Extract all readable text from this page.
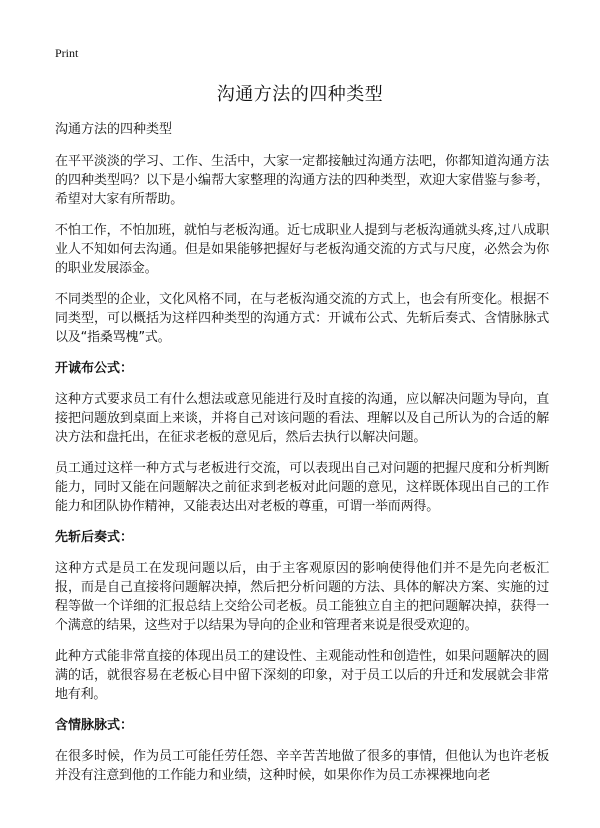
Print
沟通方法的四种类型

沟通方法的四种类型

在平平淡淡的学习、工作、生活中，大家一定都接触过沟通方法吧，你都知道沟通方法的四种类型吗？以下是小编帮大家整理的沟通方法的四种类型，欢迎大家借鉴与参考，希望对大家有所帮助。

不怕工作，不怕加班，就怕与老板沟通。近七成职业人提到与老板沟通就头疼,过八成职业人不知如何去沟通。但是如果能够把握好与老板沟通交流的方式与尺度，必然会为你的职业发展添金。

不同类型的企业，文化风格不同，在与老板沟通交流的方式上，也会有所变化。根据不同类型，可以概括为这样四种类型的沟通方式：开诚布公式、先斩后奏式、含情脉脉式以及“指桑骂槐”式。

开诚布公式：

这种方式要求员工有什么想法或意见能进行及时直接的沟通，应以解决问题为导向，直接把问题放到桌面上来谈，并将自己对该问题的看法、理解以及自己所认为的合适的解决方法和盘托出，在征求老板的意见后，然后去执行以解决问题。

员工通过这样一种方式与老板进行交流，可以表现出自己对问题的把握尺度和分析判断能力，同时又能在问题解决之前征求到老板对此问题的意见，这样既体现出自己的工作能力和团队协作精神，又能表达出对老板的尊重，可谓一举而两得。

先斩后奏式：

这种方式是员工在发现问题以后，由于主客观原因的影响使得他们并不是先向老板汇报，而是自己直接将问题解决掉，然后把分析问题的方法、具体的解决方案、实施的过程等做一个详细的汇报总结上交给公司老板。员工能独立自主的把问题解决掉，获得一个满意的结果，这些对于以结果为导向的企业和管理者来说是很受欢迎的。

此种方式能非常直接的体现出员工的建设性、主观能动性和创造性，如果问题解决的圆满的话，就很容易在老板心目中留下深刻的印象，对于员工以后的升迁和发展就会非常地有利。

含情脉脉式：

在很多时候，作为员工可能任劳任怨、辛辛苦苦地做了很多的事情，但他认为也许老板并没有注意到他的工作能力和业绩，这种时候，如果你作为员工赤裸裸地向老
